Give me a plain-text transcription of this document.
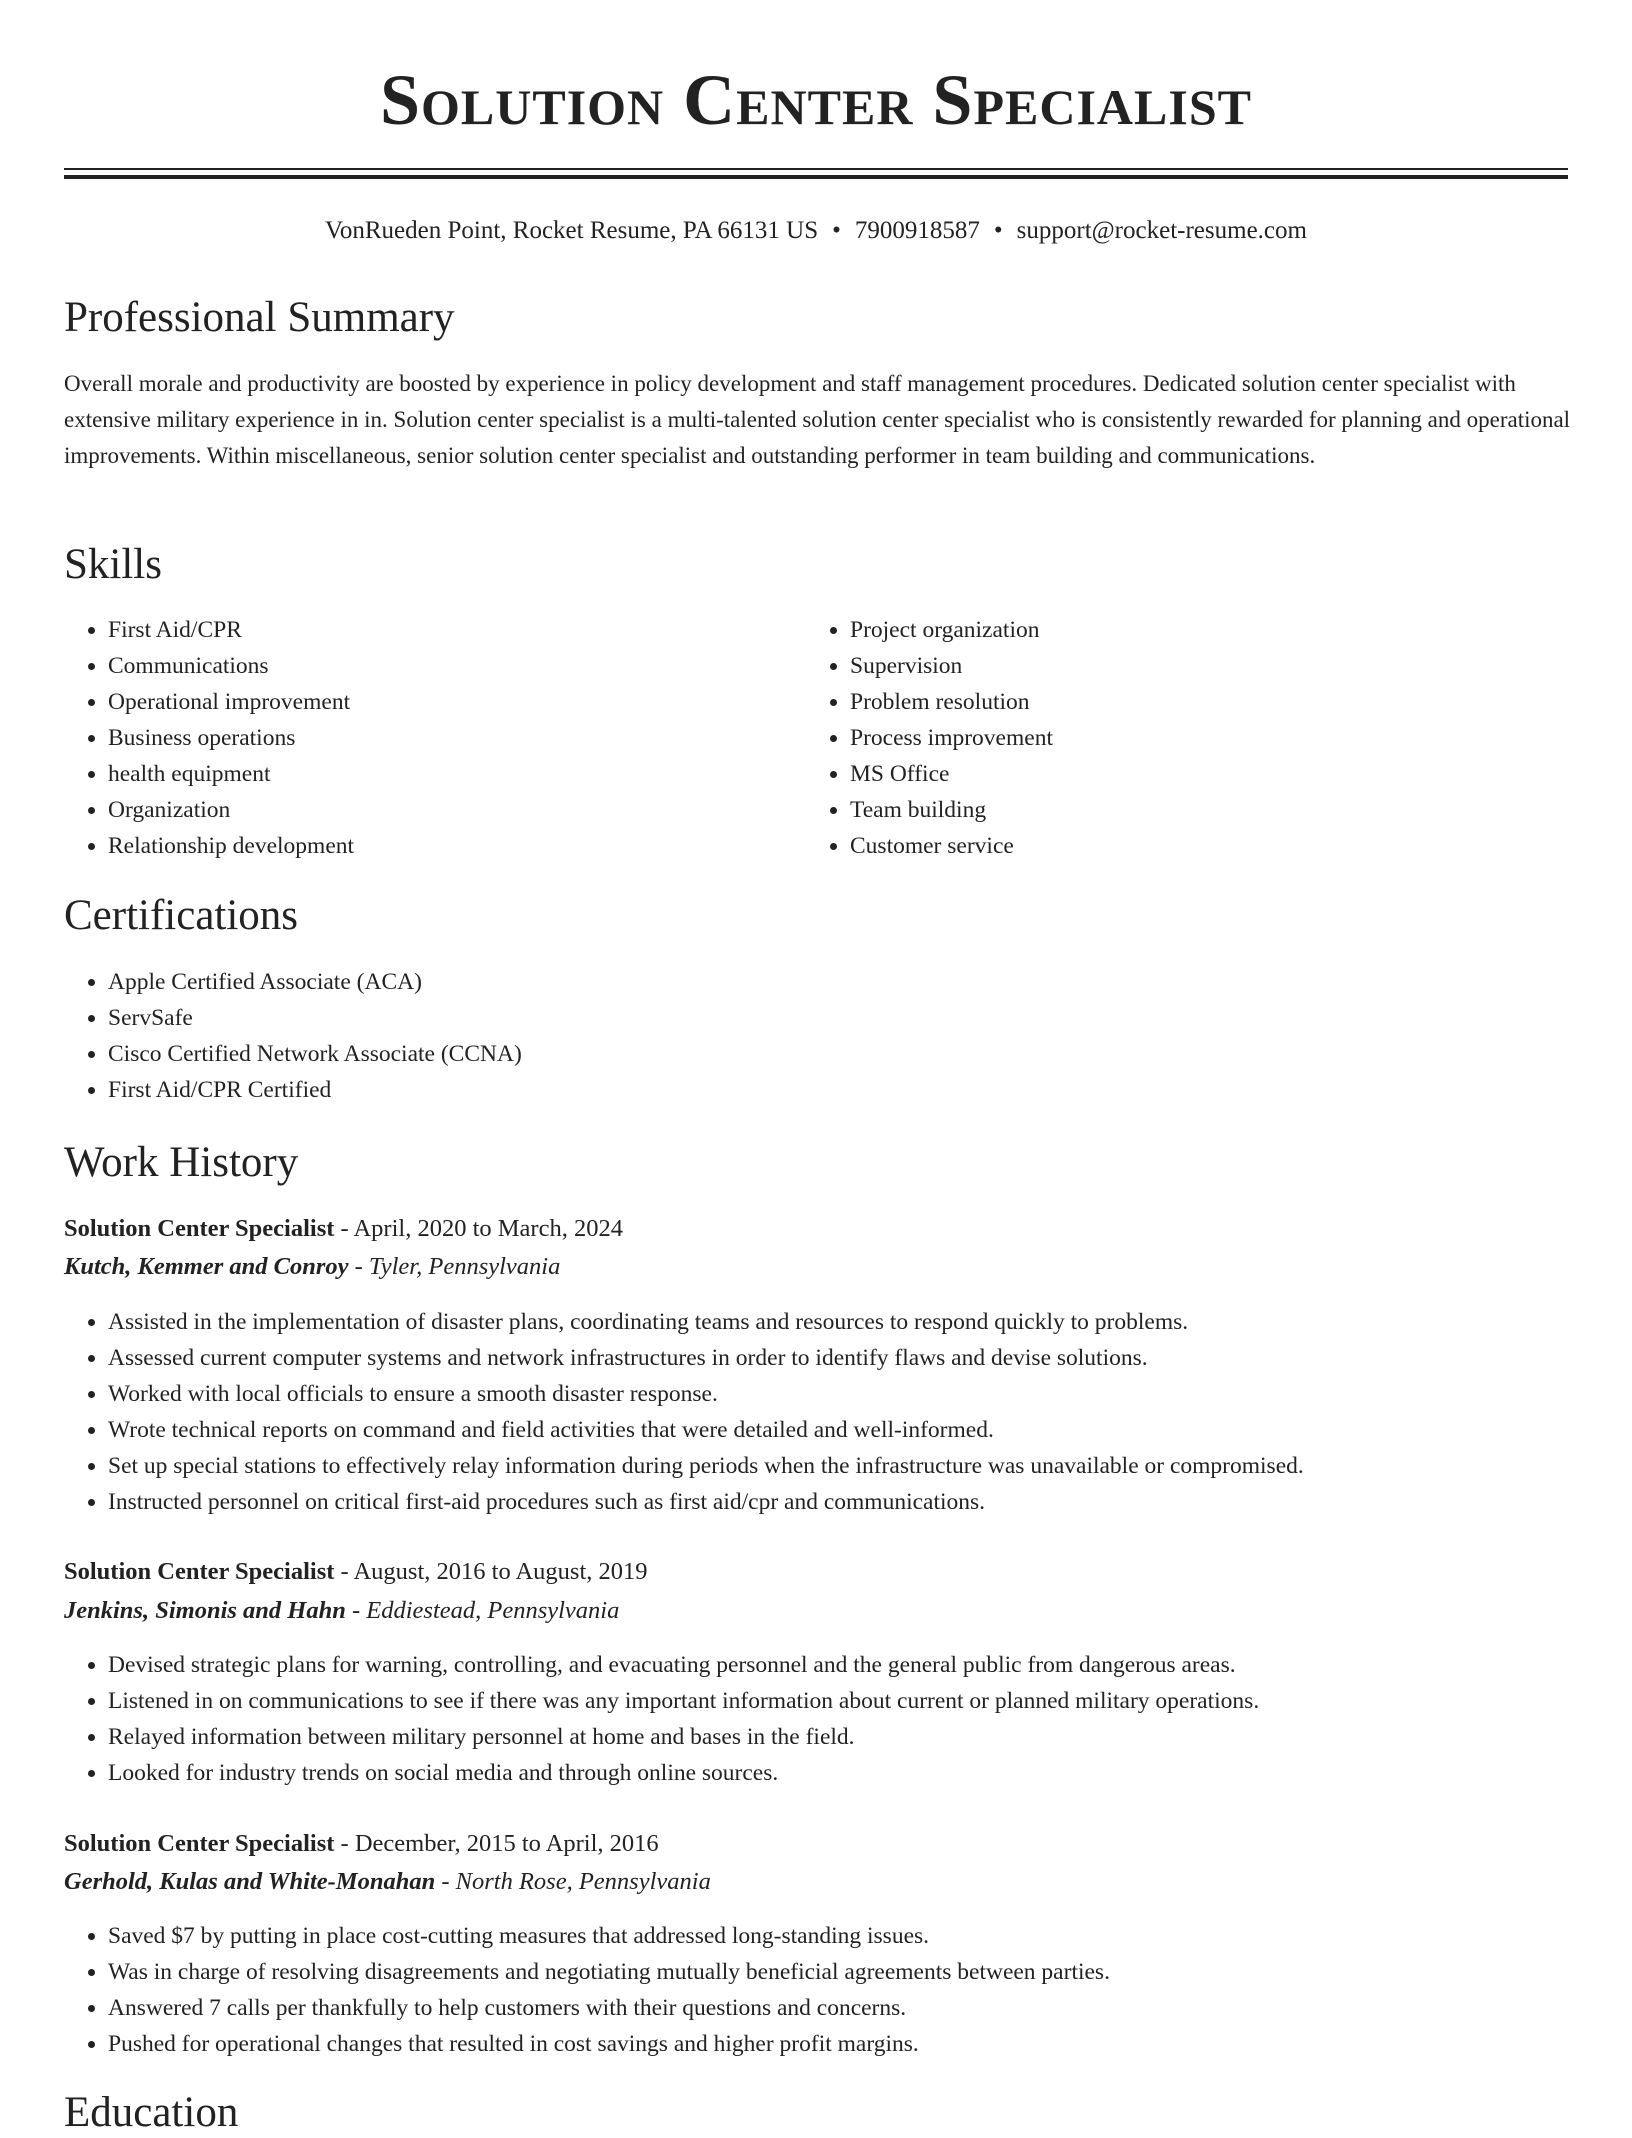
Solution Center Specialist
VonRueden Point, Rocket Resume, PA 66131 US • 7900918587 • support@rocket-resume.com
Professional Summary

Overall morale and productivity are boosted by experience in policy development and staff management procedures. Dedicated solution center specialist with extensive military experience in in. Solution center specialist is a multi-talented solution center specialist who is consistently rewarded for planning and operational improvements. Within miscellaneous, senior solution center specialist and outstanding performer in team building and communications.

Skills
• First Aid/CPR
• Communications
• Operational improvement
• Business operations
• health equipment
• Organization
• Relationship development
• Project organization
• Supervision
• Problem resolution
• Process improvement
• MS Office
• Team building
• Customer service
Certifications
• Apple Certified Associate (ACA)
• ServSafe
• Cisco Certified Network Associate (CCNA)
• First Aid/CPR Certified
Work History
Solution Center Specialist - April, 2020 to March, 2024
Kutch, Kemmer and Conroy - Tyler, Pennsylvania
• Assisted in the implementation of disaster plans, coordinating teams and resources to respond quickly to problems.
• Assessed current computer systems and network infrastructures in order to identify flaws and devise solutions.
• Worked with local officials to ensure a smooth disaster response.
• Wrote technical reports on command and field activities that were detailed and well-informed.
• Set up special stations to effectively relay information during periods when the infrastructure was unavailable or compromised.
• Instructed personnel on critical first-aid procedures such as first aid/cpr and communications.
Solution Center Specialist - August, 2016 to August, 2019
Jenkins, Simonis and Hahn - Eddiestead, Pennsylvania
• Devised strategic plans for warning, controlling, and evacuating personnel and the general public from dangerous areas.
• Listened in on communications to see if there was any important information about current or planned military operations.
• Relayed information between military personnel at home and bases in the field.
• Looked for industry trends on social media and through online sources.
Solution Center Specialist - December, 2015 to April, 2016
Gerhold, Kulas and White-Monahan - North Rose, Pennsylvania
• Saved $7 by putting in place cost-cutting measures that addressed long-standing issues.
• Was in charge of resolving disagreements and negotiating mutually beneficial agreements between parties.
• Answered 7 calls per thankfully to help customers with their questions and concerns.
• Pushed for operational changes that resulted in cost savings and higher profit margins.
Education
